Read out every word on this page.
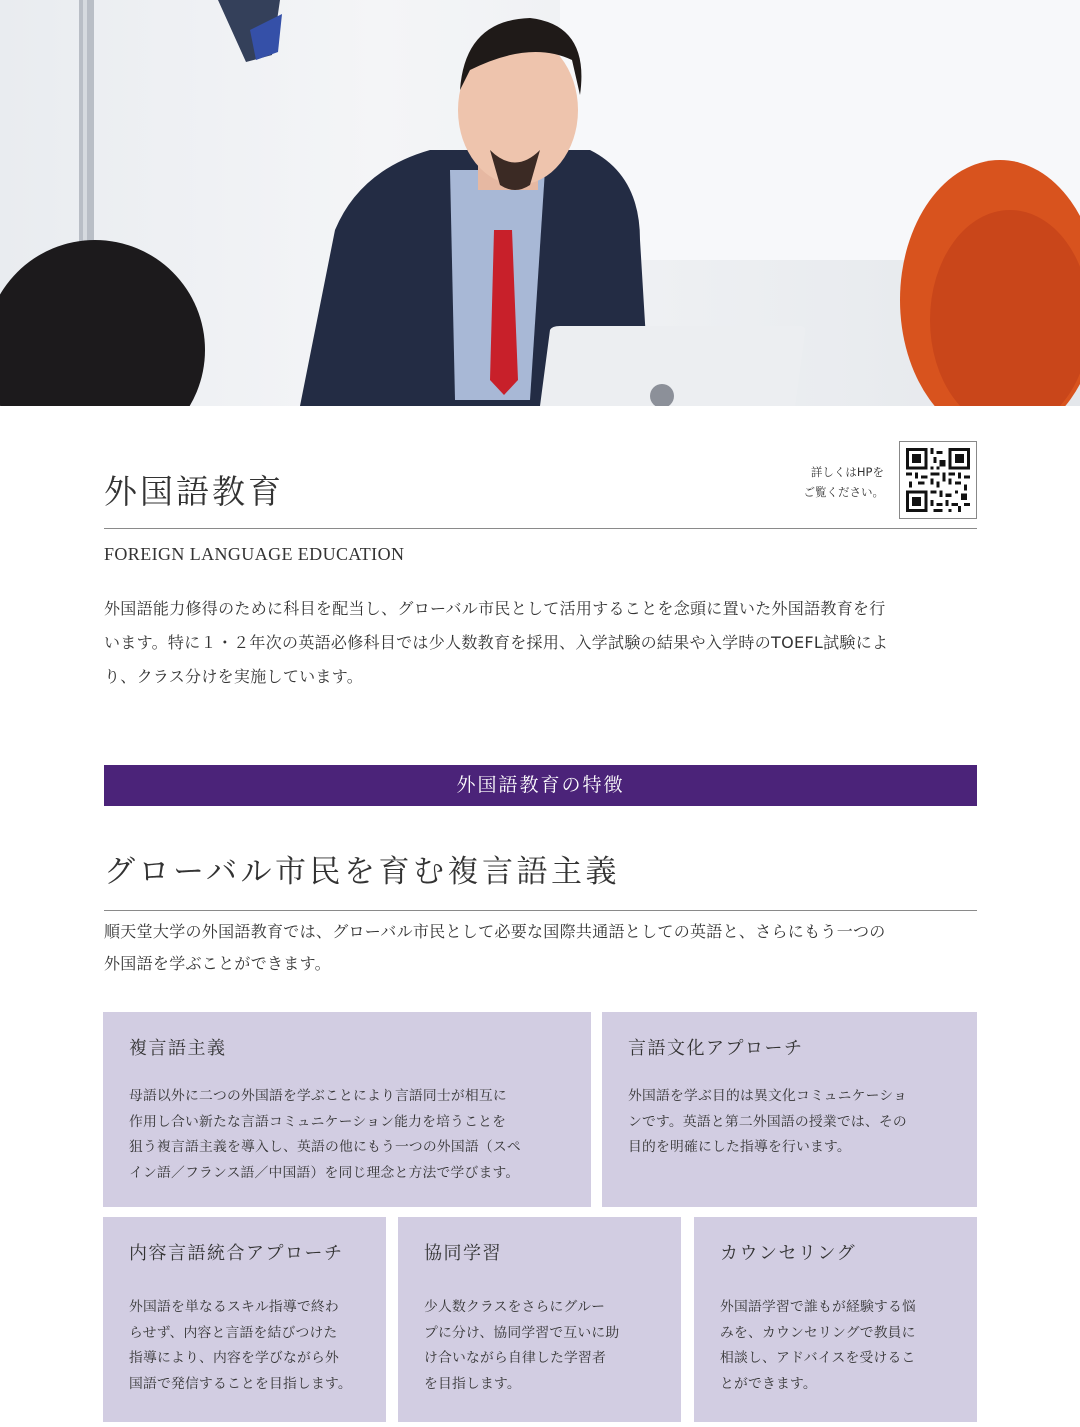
外国語教育	詳しくはHPを
ご覧ください。
FOREIGN LANGUAGE EDUCATION
外国語能力修得のために科目を配当し、グローバル市民として活用することを念頭に置いた外国語教育を行
います。特に１・２年次の英語必修科目では少人数教育を採用、入学試験の結果や入学時のTOEFL試験によ
り、クラス分けを実施しています。
外国語教育の特徴
グローバル市民を育む複言語主義
順天堂大学の外国語教育では、グローバル市民として必要な国際共通語としての英語と、さらにもう一つの
外国語を学ぶことができます。
複言語主義
母語以外に二つの外国語を学ぶことにより言語同士が相互に
作用し合い新たな言語コミュニケーション能力を培うことを
狙う複言語主義を導入し、英語の他にもう一つの外国語（スペ
イン語／フランス語／中国語）を同じ理念と方法で学びます。
言語文化アプローチ
外国語を学ぶ目的は異文化コミュニケーショ
ンです。英語と第二外国語の授業では、その
目的を明確にした指導を行います。
内容言語統合アプローチ
外国語を単なるスキル指導で終わ
らせず、内容と言語を結びつけた
指導により、内容を学びながら外
国語で発信することを目指します。
協同学習
少人数クラスをさらにグルー
プに分け、協同学習で互いに助
け合いながら自律した学習者
を目指します。
カウンセリング
外国語学習で誰もが経験する悩
みを、カウンセリングで教員に
相談し、アドバイスを受けるこ
とができます。
